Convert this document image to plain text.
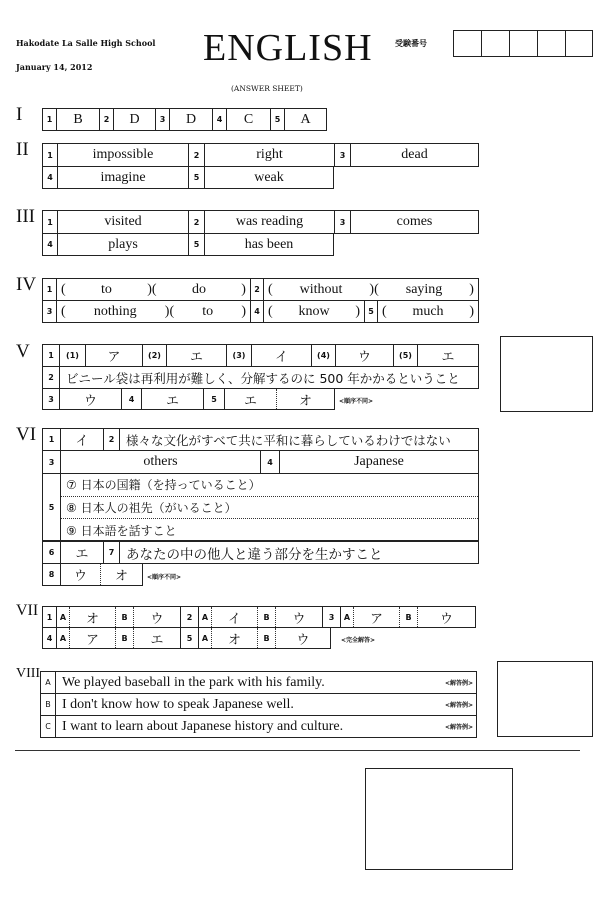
Hakodate La Salle High School
January 14, 2012	ENGLISH
(ANSWER SHEET)
受験番号
I	1	B	2	D	3	D	4	C	5	A
II	1	impossible	2	right	3	dead
4	imagine	5	weak
III	1	visited	2	was reading	3	comes
4	plays	5	has been
IV	1 (	to	)(	do	)	2 ( without )( saying )
3 ( nothing )( to )	4 ( know )	5 ( much )
V	1	(1)	ア	(2)	エ	(3)	イ	(4)	ウ	(5)	エ
2 ビニール袋は再利用が難しく、分解するのに 500 年かかるということ
3	ウ	4	エ	5	エ	オ	<順序不同>
VI	1	イ	2 様々な文化がすべて共に平和に暮らしているわけではない
3	others	4	Japanese
5
⑦ 日本の国籍（を持っていること）
⑧ 日本人の祖先（がいること）
⑨ 日本語を話すこと
6	エ	7 あなたの中の他人と違う部分を生かすこと
8	ウ オ	<順序不同>
VII	1 A	オ	B	ウ	2	A	イ	B	ウ	3	A	ア	B	ウ
4 A	ア	B	エ	5	A	オ	B	ウ	<完全解答>
VIII
A We played baseball in the park with his family.	<解答例>
B I don't know how to speak Japanese well.	<解答例>
C I want to learn about Japanese history and culture.	<解答例>
